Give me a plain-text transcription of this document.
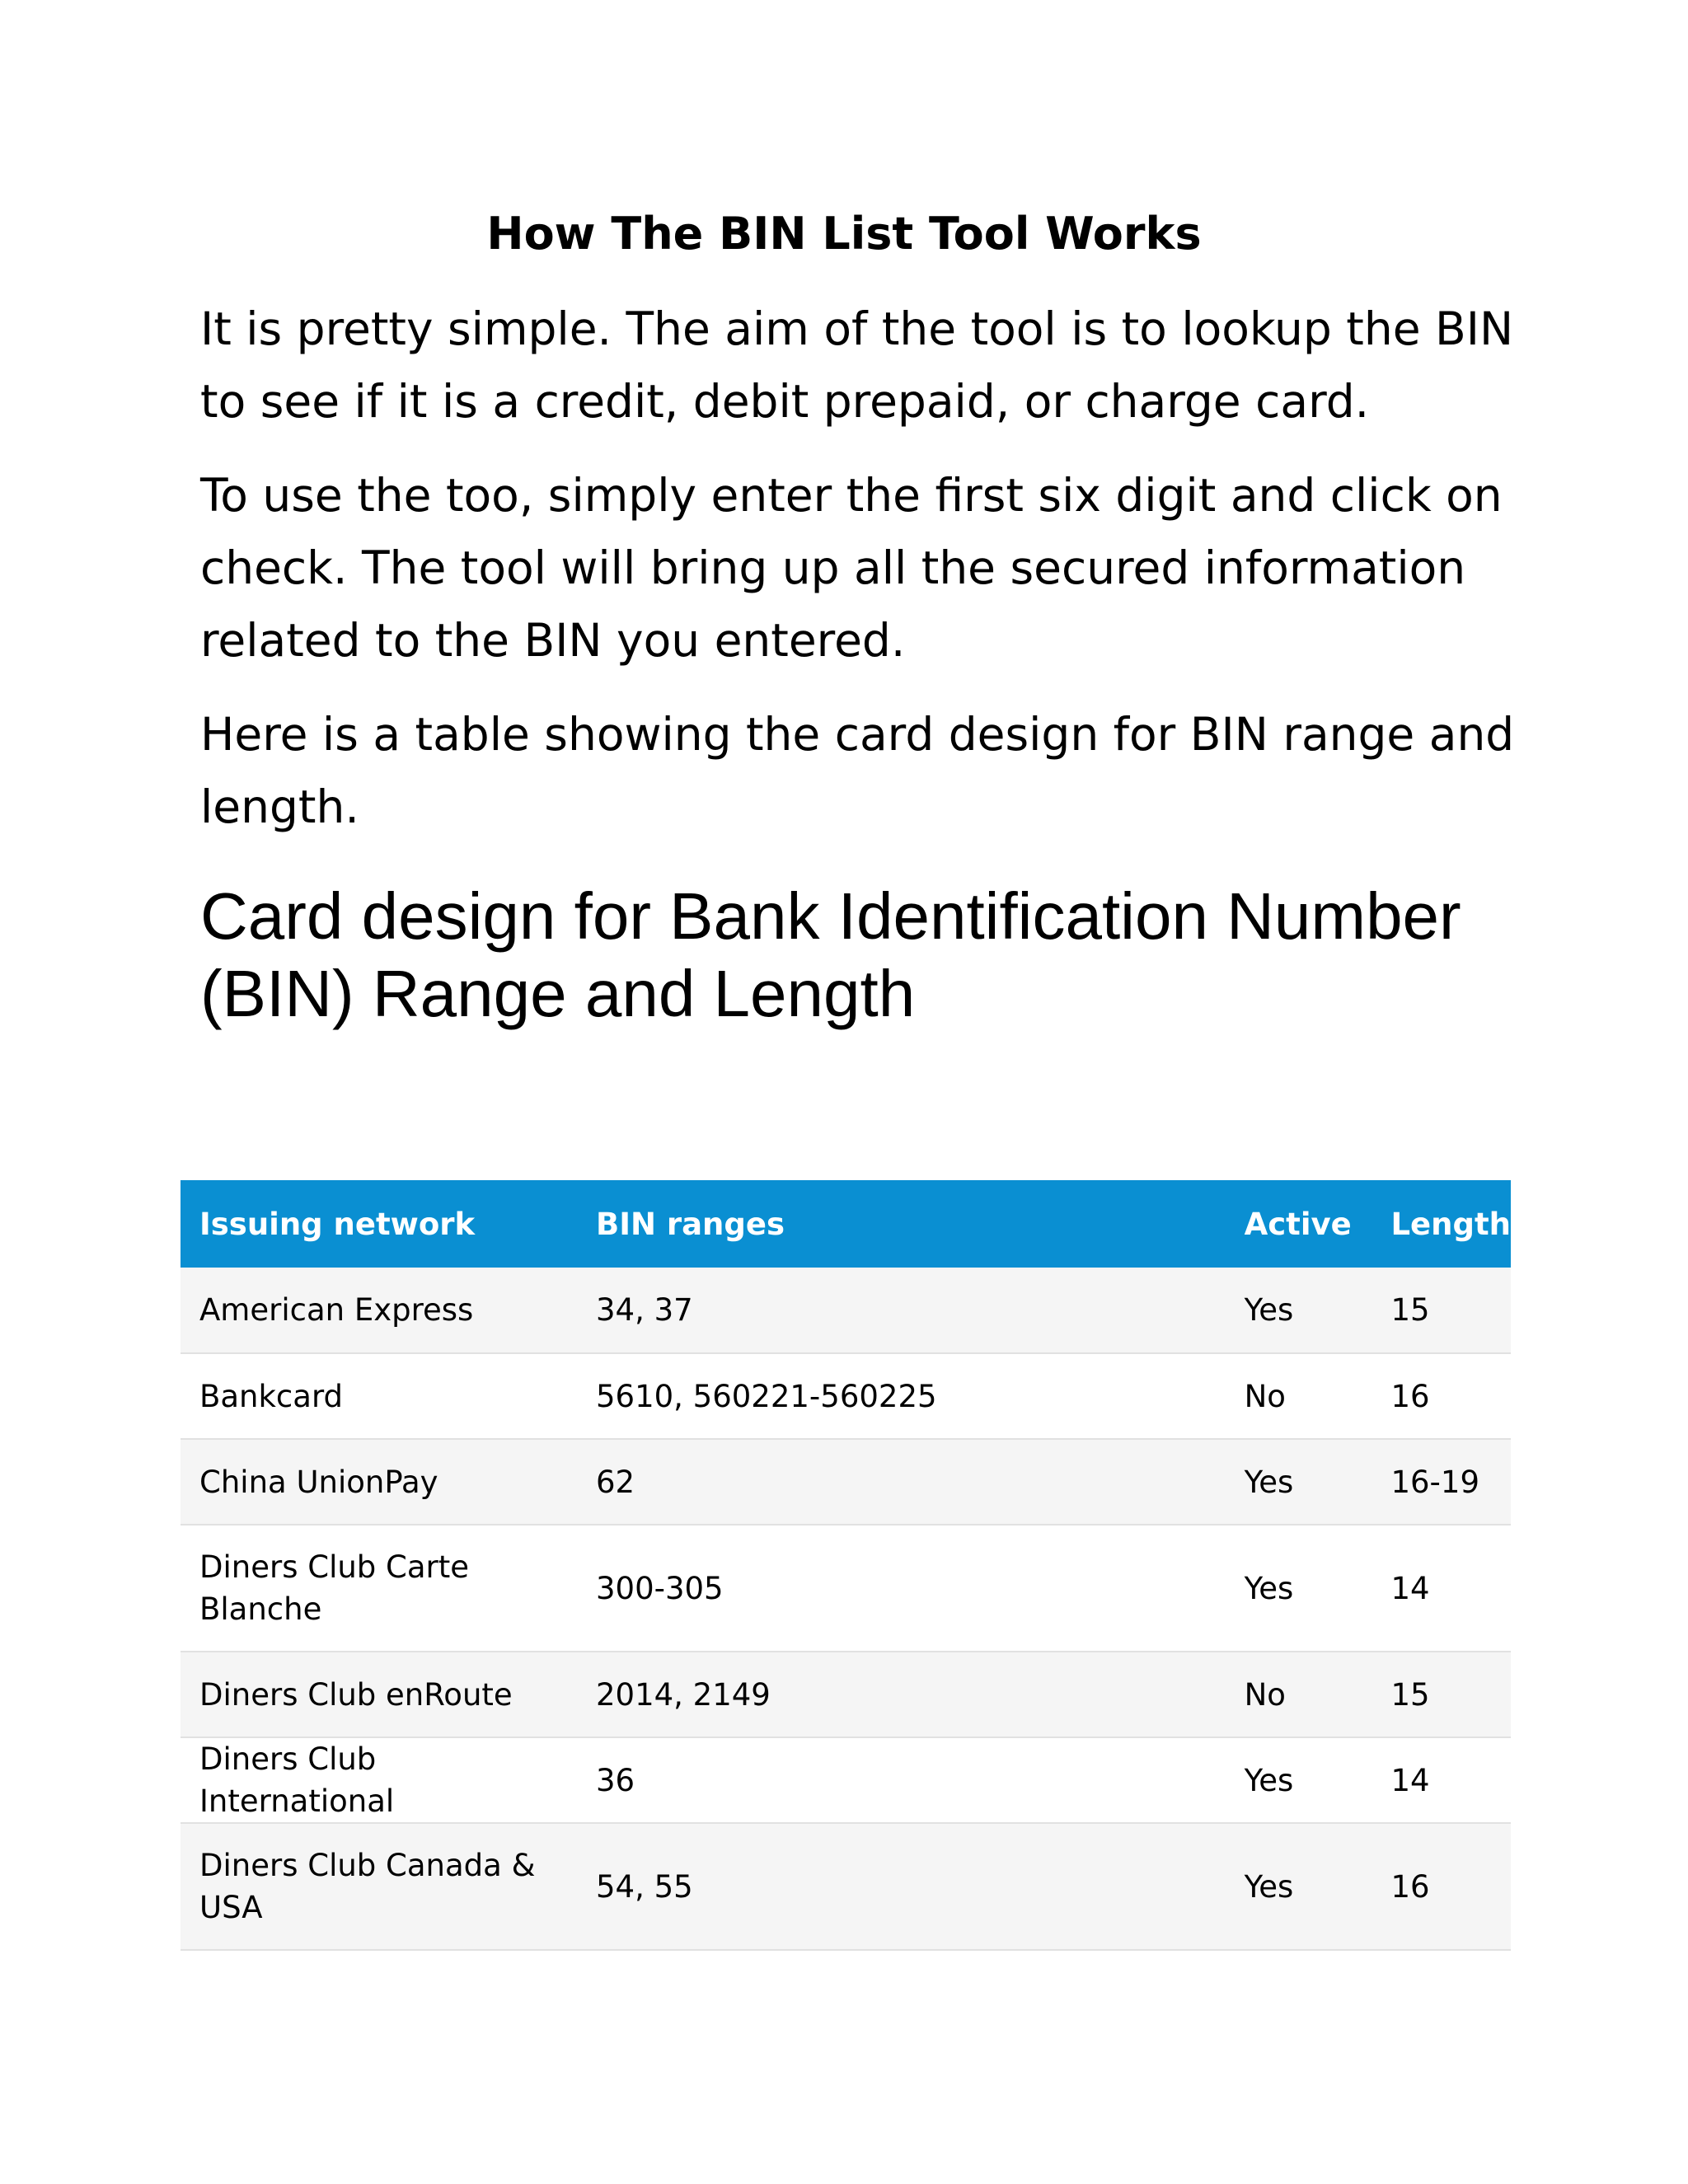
How The BIN List Tool Works

It is pretty simple. The aim of the tool is to lookup the BIN to see if it is a credit, debit prepaid, or charge card.

To use the too, simply enter the first six digit and click on check. The tool will bring up all the secured information related to the BIN you entered.

Here is a table showing the card design for BIN range and length.

Card design for Bank Identification Number (BIN) Range and Length
Issuing network	BIN ranges	Active	Length
American Express	34, 37	Yes	15
Bankcard	5610, 560221-560225	No	16
China UnionPay	62	Yes	16-19
Diners Club Carte Blanche	300-305	Yes	14
Diners Club enRoute	2014, 2149	No	15
Diners Club International	36	Yes	14
Diners Club Canada & USA	54, 55	Yes	16
